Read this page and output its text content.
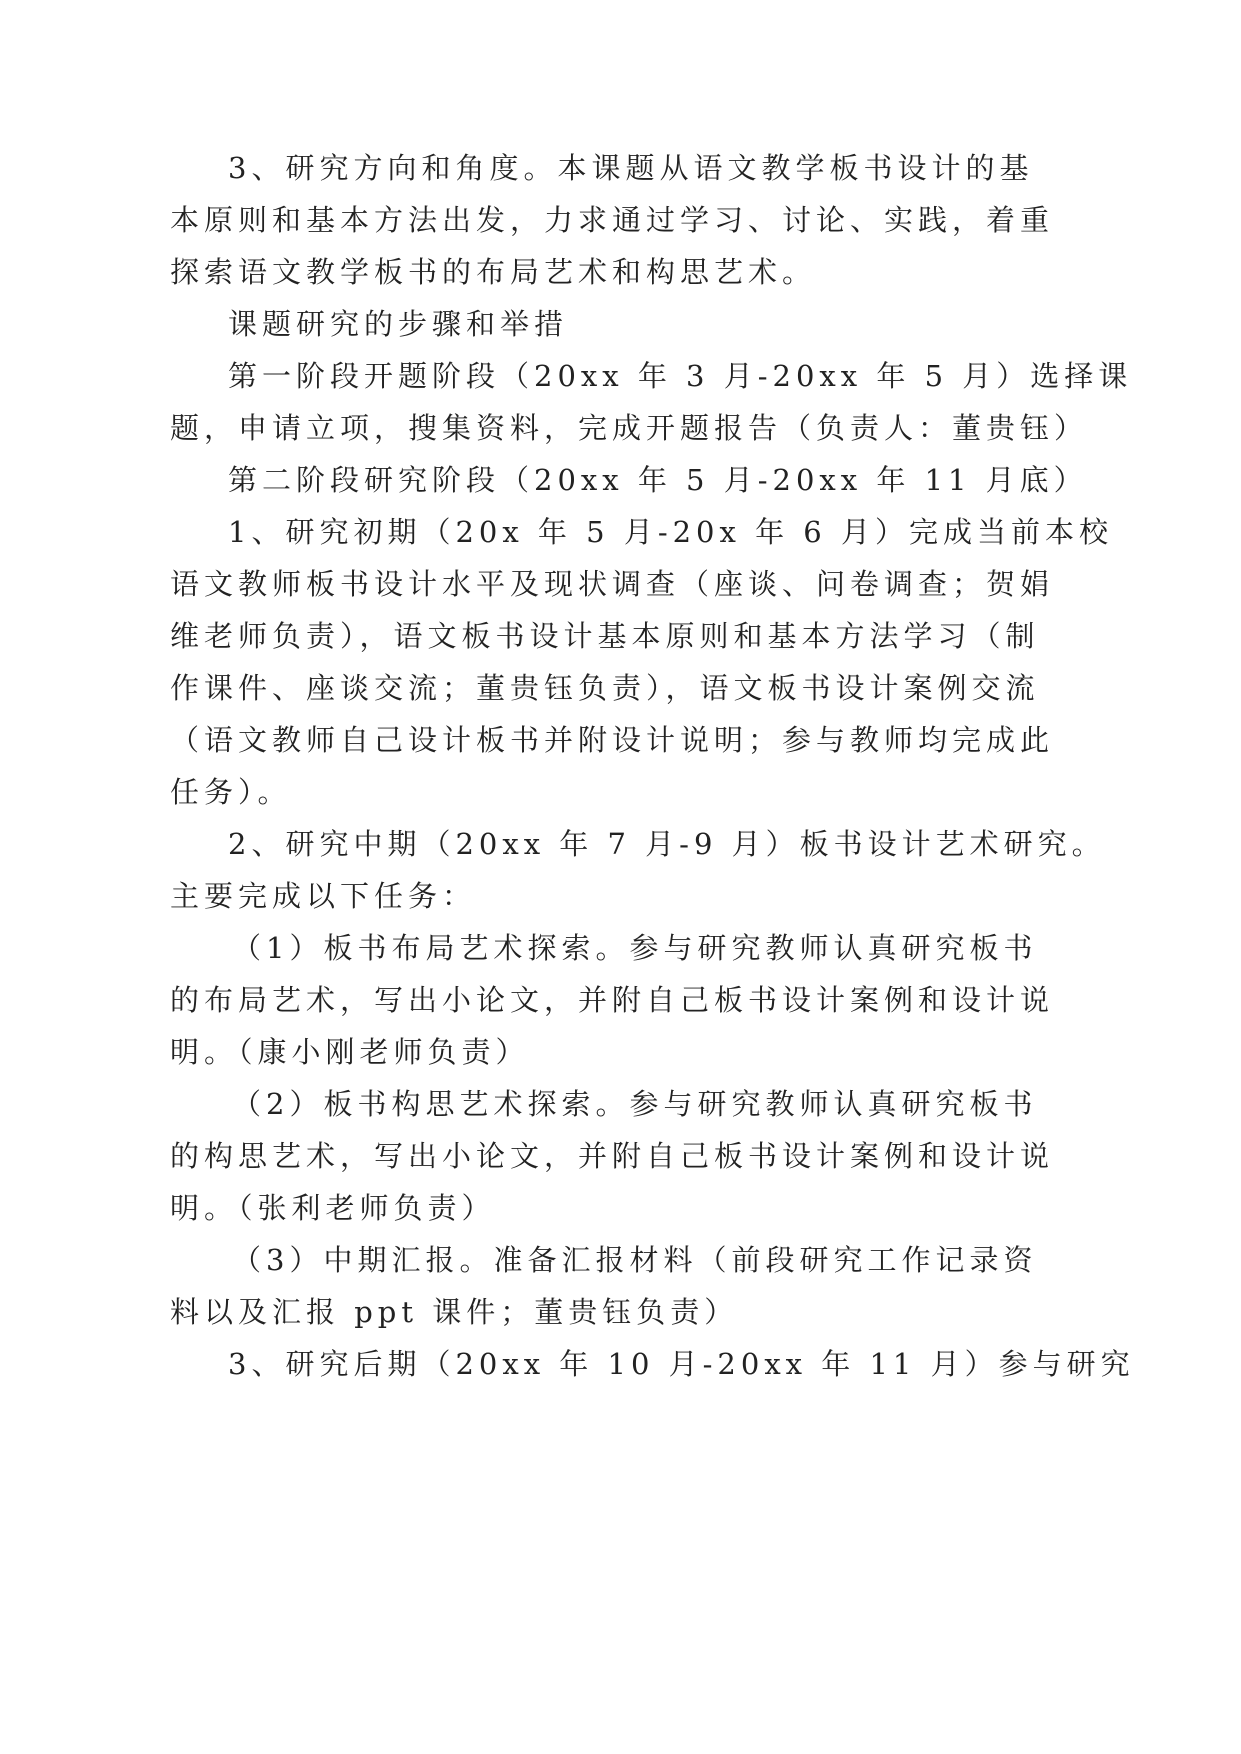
3、研究方向和角度。本课题从语文教学板书设计的基

本原则和基本方法出发，力求通过学习、讨论、实践，着重

探索语文教学板书的布局艺术和构思艺术。

课题研究的步骤和举措

第一阶段开题阶段（20xx 年 3 月-20xx 年 5 月）选择课

题，申请立项，搜集资料，完成开题报告（负责人：董贵钰）

第二阶段研究阶段（20xx 年 5 月-20xx 年 11 月底）

1、研究初期（20x 年 5 月-20x 年 6 月）完成当前本校

语文教师板书设计水平及现状调查（座谈、问卷调查；贺娟

维老师负责），语文板书设计基本原则和基本方法学习（制

作课件、座谈交流；董贵钰负责），语文板书设计案例交流

（语文教师自己设计板书并附设计说明；参与教师均完成此

任务）。

2、研究中期（20xx 年 7 月-9 月）板书设计艺术研究。

主要完成以下任务：

（1）板书布局艺术探索。参与研究教师认真研究板书

的布局艺术，写出小论文，并附自己板书设计案例和设计说

明。（康小刚老师负责）

（2）板书构思艺术探索。参与研究教师认真研究板书

的构思艺术，写出小论文，并附自己板书设计案例和设计说

明。（张利老师负责）

（3）中期汇报。准备汇报材料（前段研究工作记录资

料以及汇报 ppt 课件；董贵钰负责）

3、研究后期（20xx 年 10 月-20xx 年 11 月）参与研究
